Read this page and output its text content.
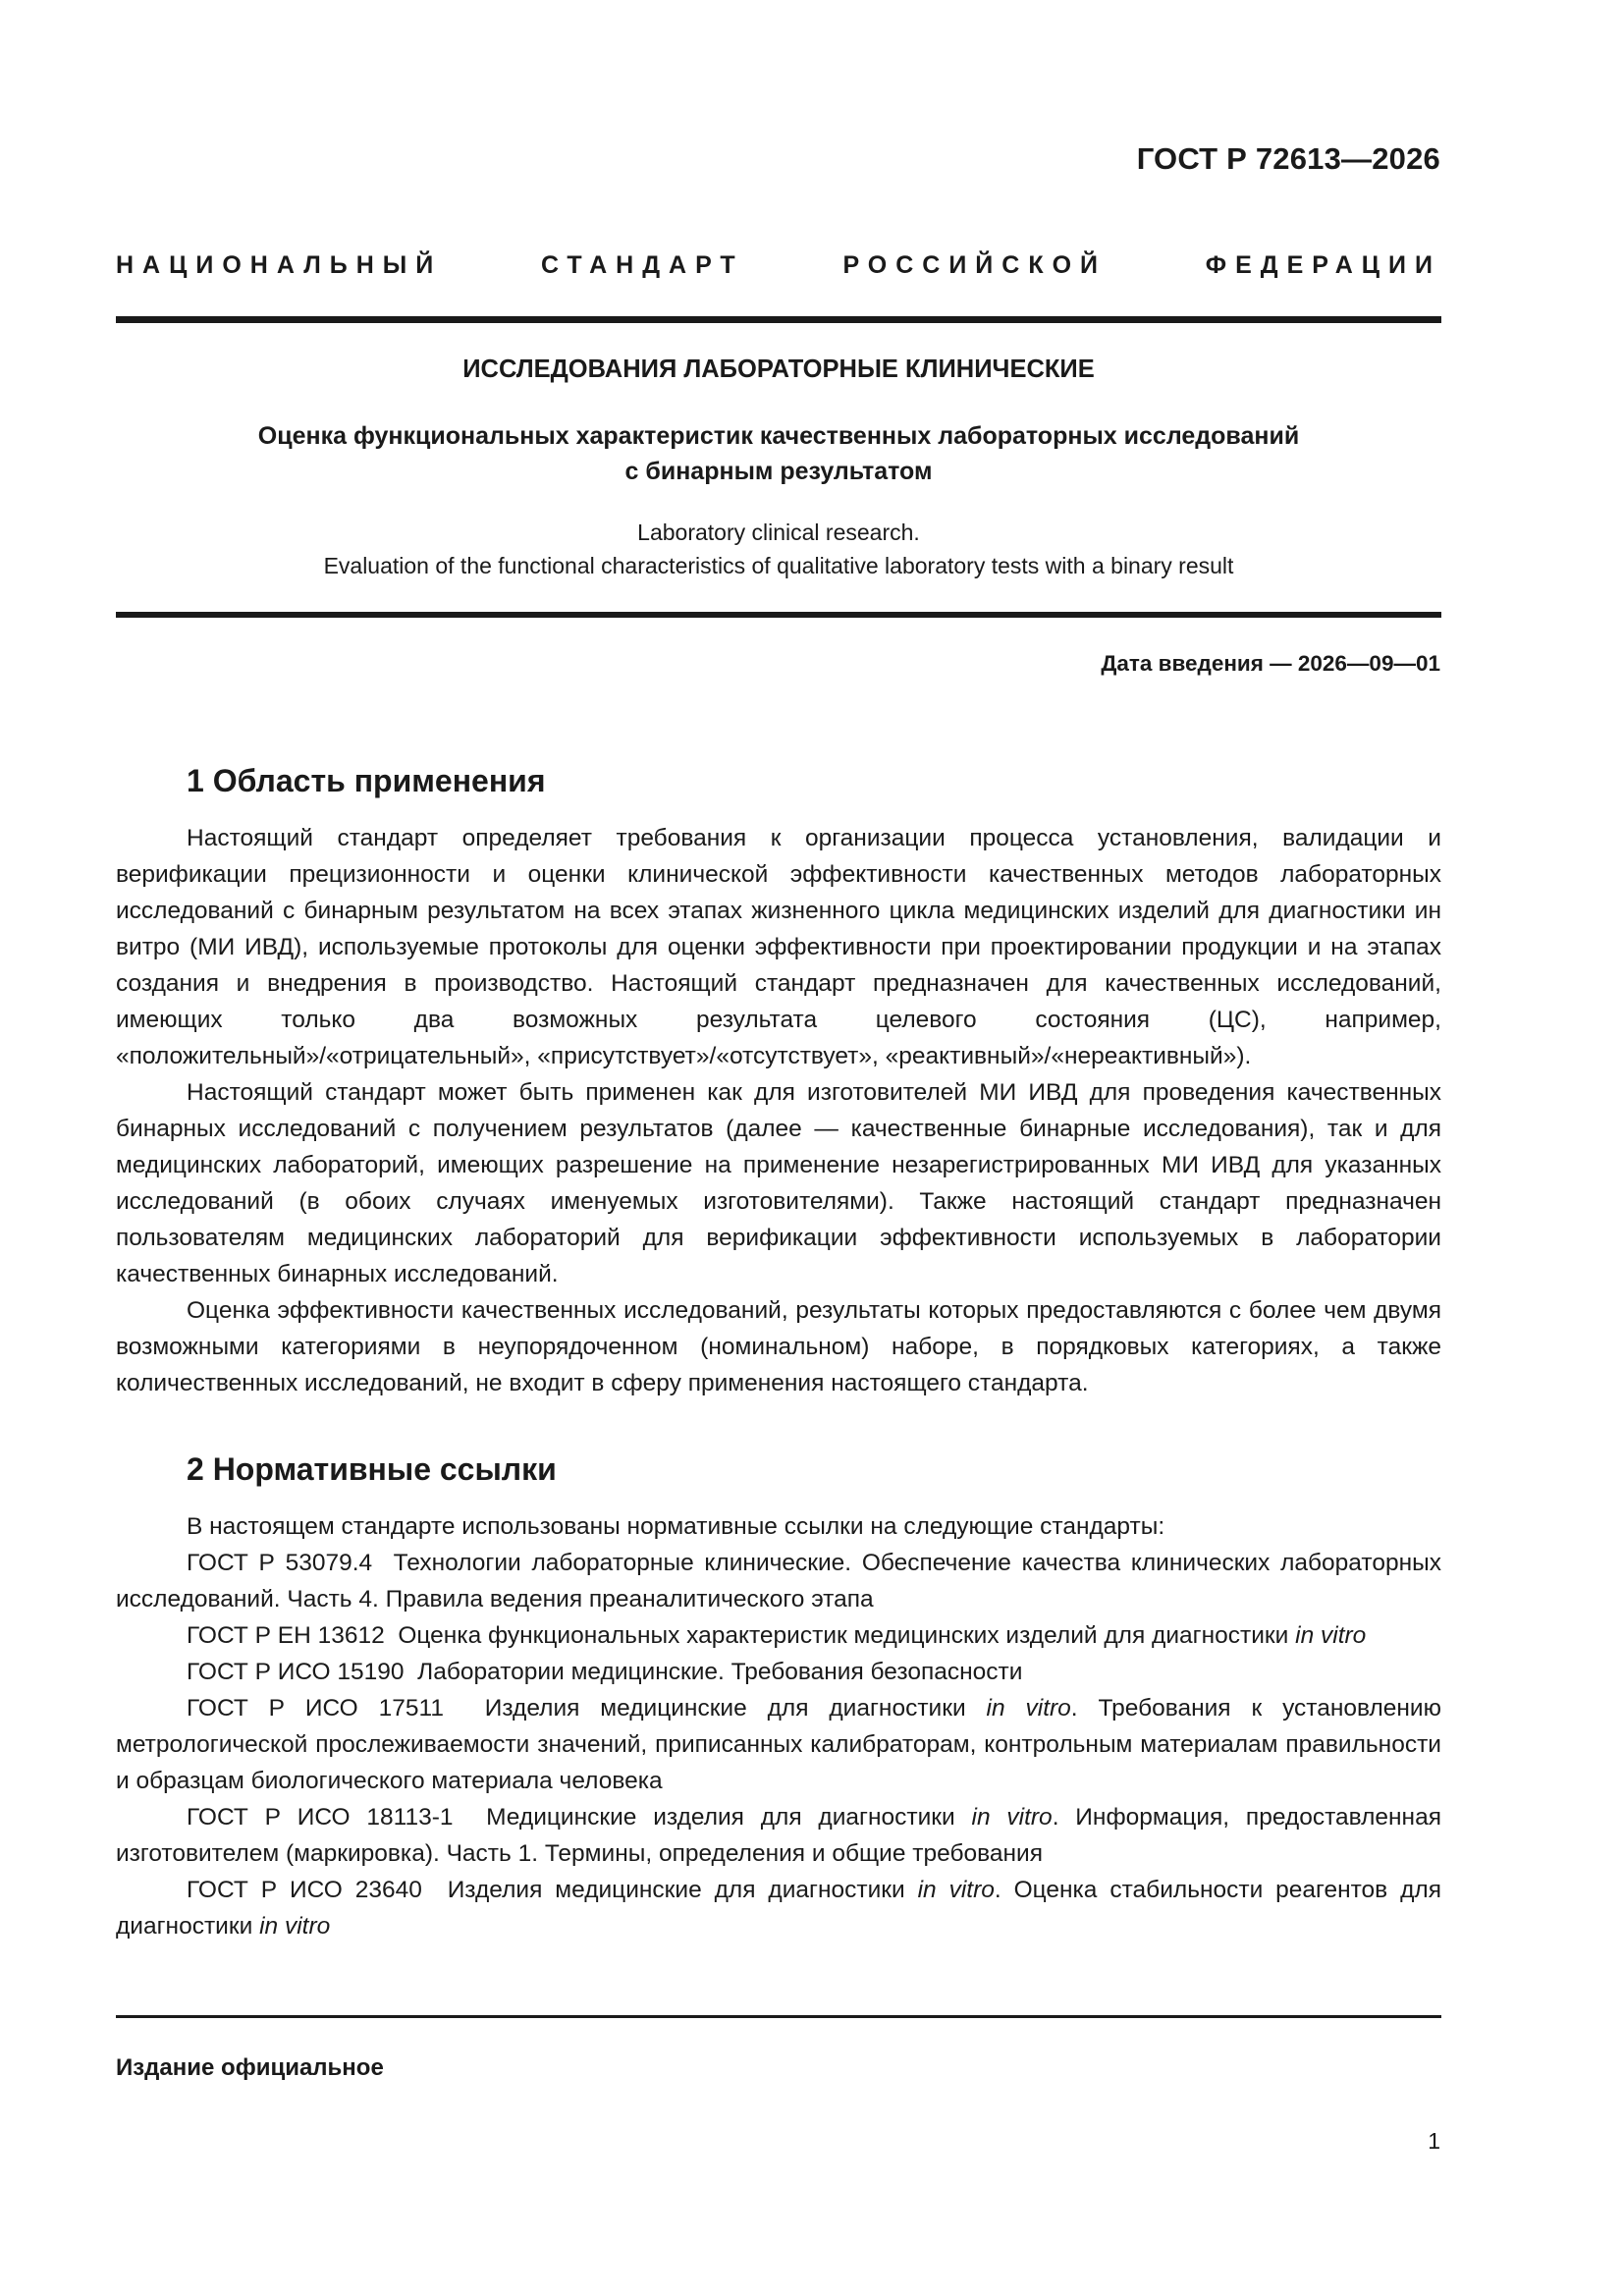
ГОСТ Р 72613—2026
НАЦИОНАЛЬНЫЙ СТАНДАРТ РОССИЙСКОЙ ФЕДЕРАЦИИ
ИССЛЕДОВАНИЯ ЛАБОРАТОРНЫЕ КЛИНИЧЕСКИЕ
Оценка функциональных характеристик качественных лабораторных исследований
с бинарным результатом
Laboratory clinical research.
Evaluation of the functional characteristics of qualitative laboratory tests with a binary result
Дата введения — 2026—09—01
1 Область применения

Настоящий стандарт определяет требования к организации процесса установления, валидации и верификации прецизионности и оценки клинической эффективности качественных методов лабораторных исследований с бинарным результатом на всех этапах жизненного цикла медицинских изделий для диагностики ин витро (МИ ИВД), используемые протоколы для оценки эффективности при проектировании продукции и на этапах создания и внедрения в производство. Настоящий стандарт предназначен для качественных исследований, имеющих только два возможных результата целевого состояния (ЦС), например, «положительный»/«отрицательный», «присутствует»/«отсутствует», «реактивный»/«нереактивный»).

Настоящий стандарт может быть применен как для изготовителей МИ ИВД для проведения качественных бинарных исследований с получением результатов (далее — качественные бинарные исследования), так и для медицинских лабораторий, имеющих разрешение на применение незарегистрированных МИ ИВД для указанных исследований (в обоих случаях именуемых изготовителями). Также настоящий стандарт предназначен пользователям медицинских лабораторий для верификации эффективности используемых в лаборатории качественных бинарных исследований.

Оценка эффективности качественных исследований, результаты которых предоставляются с более чем двумя возможными категориями в неупорядоченном (номинальном) наборе, в порядковых категориях, а также количественных исследований, не входит в сферу применения настоящего стандарта.

2 Нормативные ссылки

В настоящем стандарте использованы нормативные ссылки на следующие стандарты:

ГОСТ Р 53079.4 Технологии лабораторные клинические. Обеспечение качества клинических лабораторных исследований. Часть 4. Правила ведения преаналитического этапа

ГОСТ Р ЕН 13612 Оценка функциональных характеристик медицинских изделий для диагностики in vitro

ГОСТ Р ИСО 15190 Лаборатории медицинские. Требования безопасности

ГОСТ Р ИСО 17511 Изделия медицинские для диагностики in vitro. Требования к установлению метрологической прослеживаемости значений, приписанных калибраторам, контрольным материалам правильности и образцам биологического материала человека

ГОСТ Р ИСО 18113-1 Медицинские изделия для диагностики in vitro. Информация, предоставленная изготовителем (маркировка). Часть 1. Термины, определения и общие требования

ГОСТ Р ИСО 23640 Изделия медицинские для диагностики in vitro. Оценка стабильности реагентов для диагностики in vitro

Издание официальное
1
